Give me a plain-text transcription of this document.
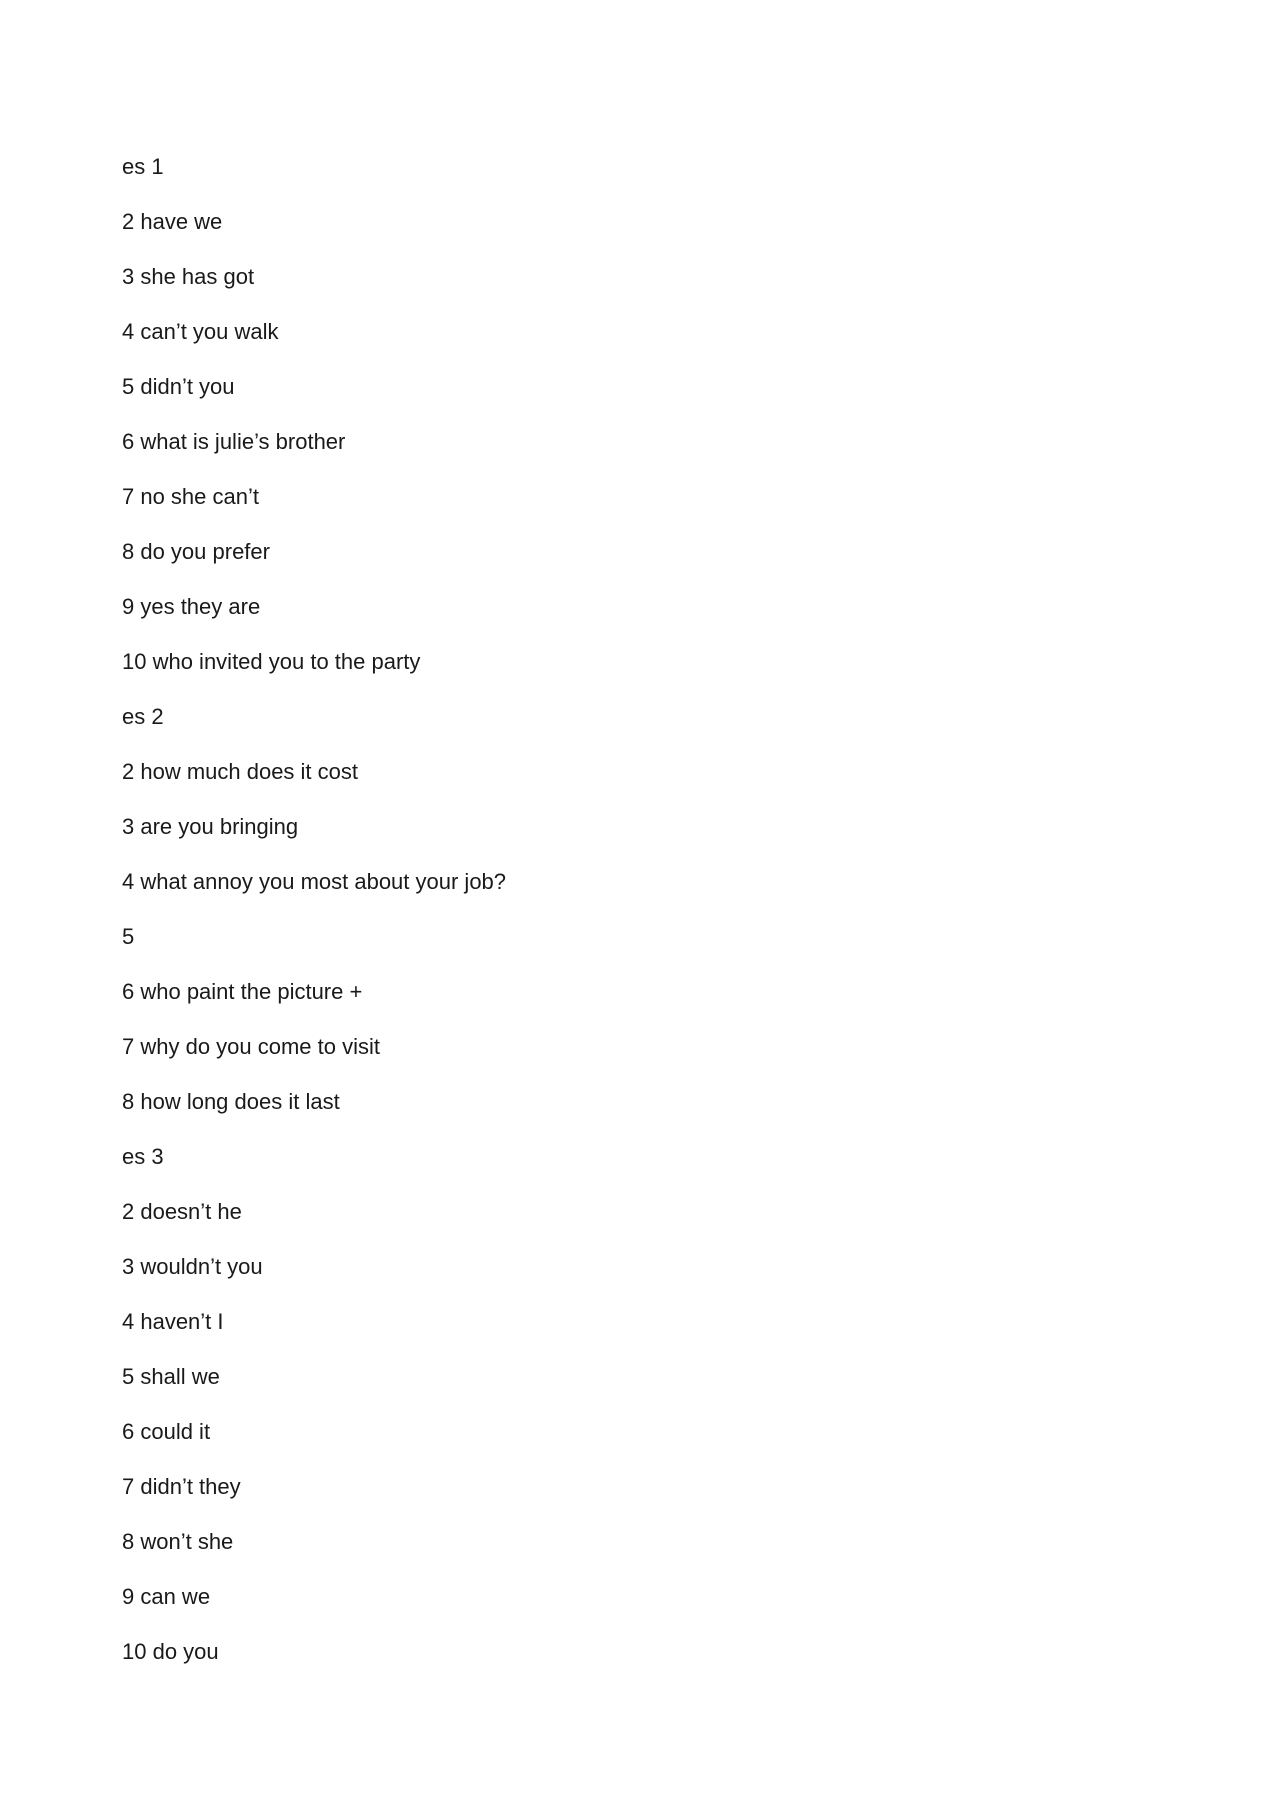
es 1
2 have we
3 she has got
4 can’t you walk
5 didn’t you
6 what is julie’s brother
7 no she can’t
8 do you prefer
9 yes they are
10 who invited you to the party
es 2
2 how much does it cost
3 are you bringing
4 what annoy you most about your job?
5
6 who paint the picture +
7 why do you come to visit
8 how long does it last
es 3
2 doesn’t he
3 wouldn’t you
4 haven’t I
5 shall we
6 could it
7 didn’t they
8 won’t she
9 can we
10 do you
